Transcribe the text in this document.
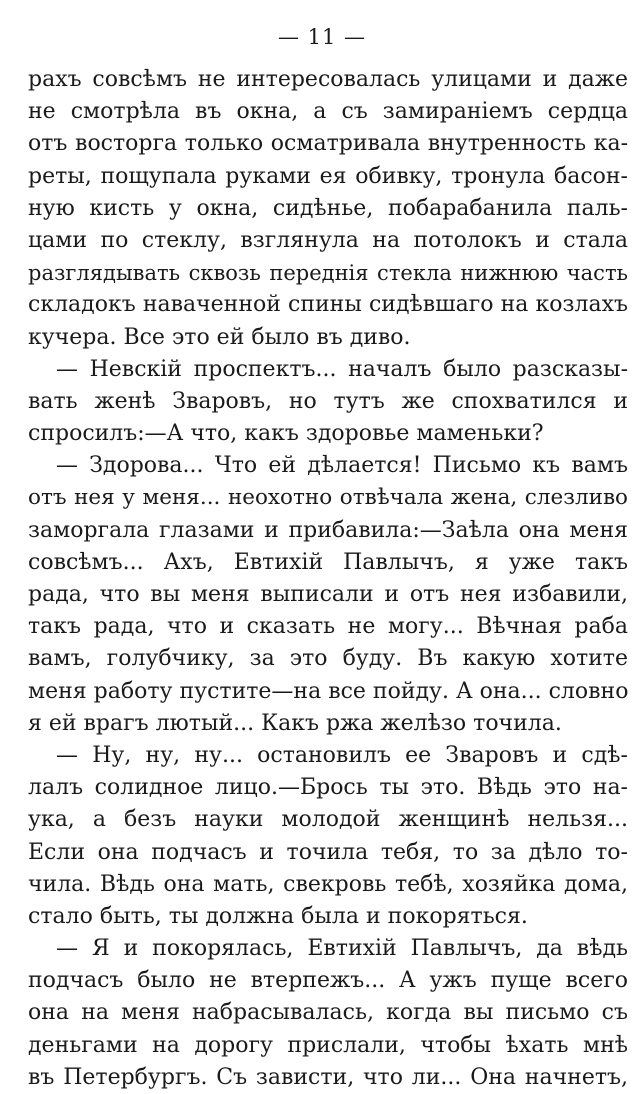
— 11 —
рахъ совсѣмъ не интересовалась улицами и даже
не смотрѣла въ окна, а съ замираніемъ сердца
отъ восторга только осматривала внутренность ка-
реты, пощупала руками ея обивку, тронула басон-
ную кисть у окна, сидѣнье, побарабанила паль-
цами по стеклу, взглянула на потолокъ и стала
разглядывать сквозь переднія стекла нижнюю часть
складокъ наваченной спины сидѣвшаго на козлахъ
кучера. Все это ей было въ диво.
— Невскій проспектъ... началъ было разсказы-
вать женѣ Зваровъ, но тутъ же спохватился и
спросилъ:—А что, какъ здоровье маменьки?
— Здорова... Что ей дѣлается! Письмо къ вамъ
отъ нея у меня... неохотно отвѣчала жена, слезливо
заморгала глазами и прибавила:—Заѣла она меня
совсѣмъ... Ахъ, Евтихій Павлычъ, я уже такъ
рада, что вы меня выписали и отъ нея избавили,
такъ рада, что и сказать не могу... Вѣчная раба
вамъ, голубчику, за это буду. Въ какую хотите
меня работу пустите—на все пойду. А она... словно
я ей врагъ лютый... Какъ ржа желѣзо точила.
— Ну, ну, ну... остановилъ ее Зваровъ и сдѣ-
лалъ солидное лицо.—Брось ты это. Вѣдь это на-
ука, а безъ науки молодой женщинѣ нельзя...
Если она подчасъ и точила тебя, то за дѣло то-
чила. Вѣдь она мать, свекровь тебѣ, хозяйка дома,
стало быть, ты должна была и покоряться.
— Я и покорялась, Евтихій Павлычъ, да вѣдь
подчасъ было не втерпежъ... А ужъ пуще всего
она на меня набрасывалась, когда вы письмо съ
деньгами на дорогу прислали, чтобы ѣхать мнѣ
въ Петербургъ. Съ зависти, что ли... Она начнетъ,
